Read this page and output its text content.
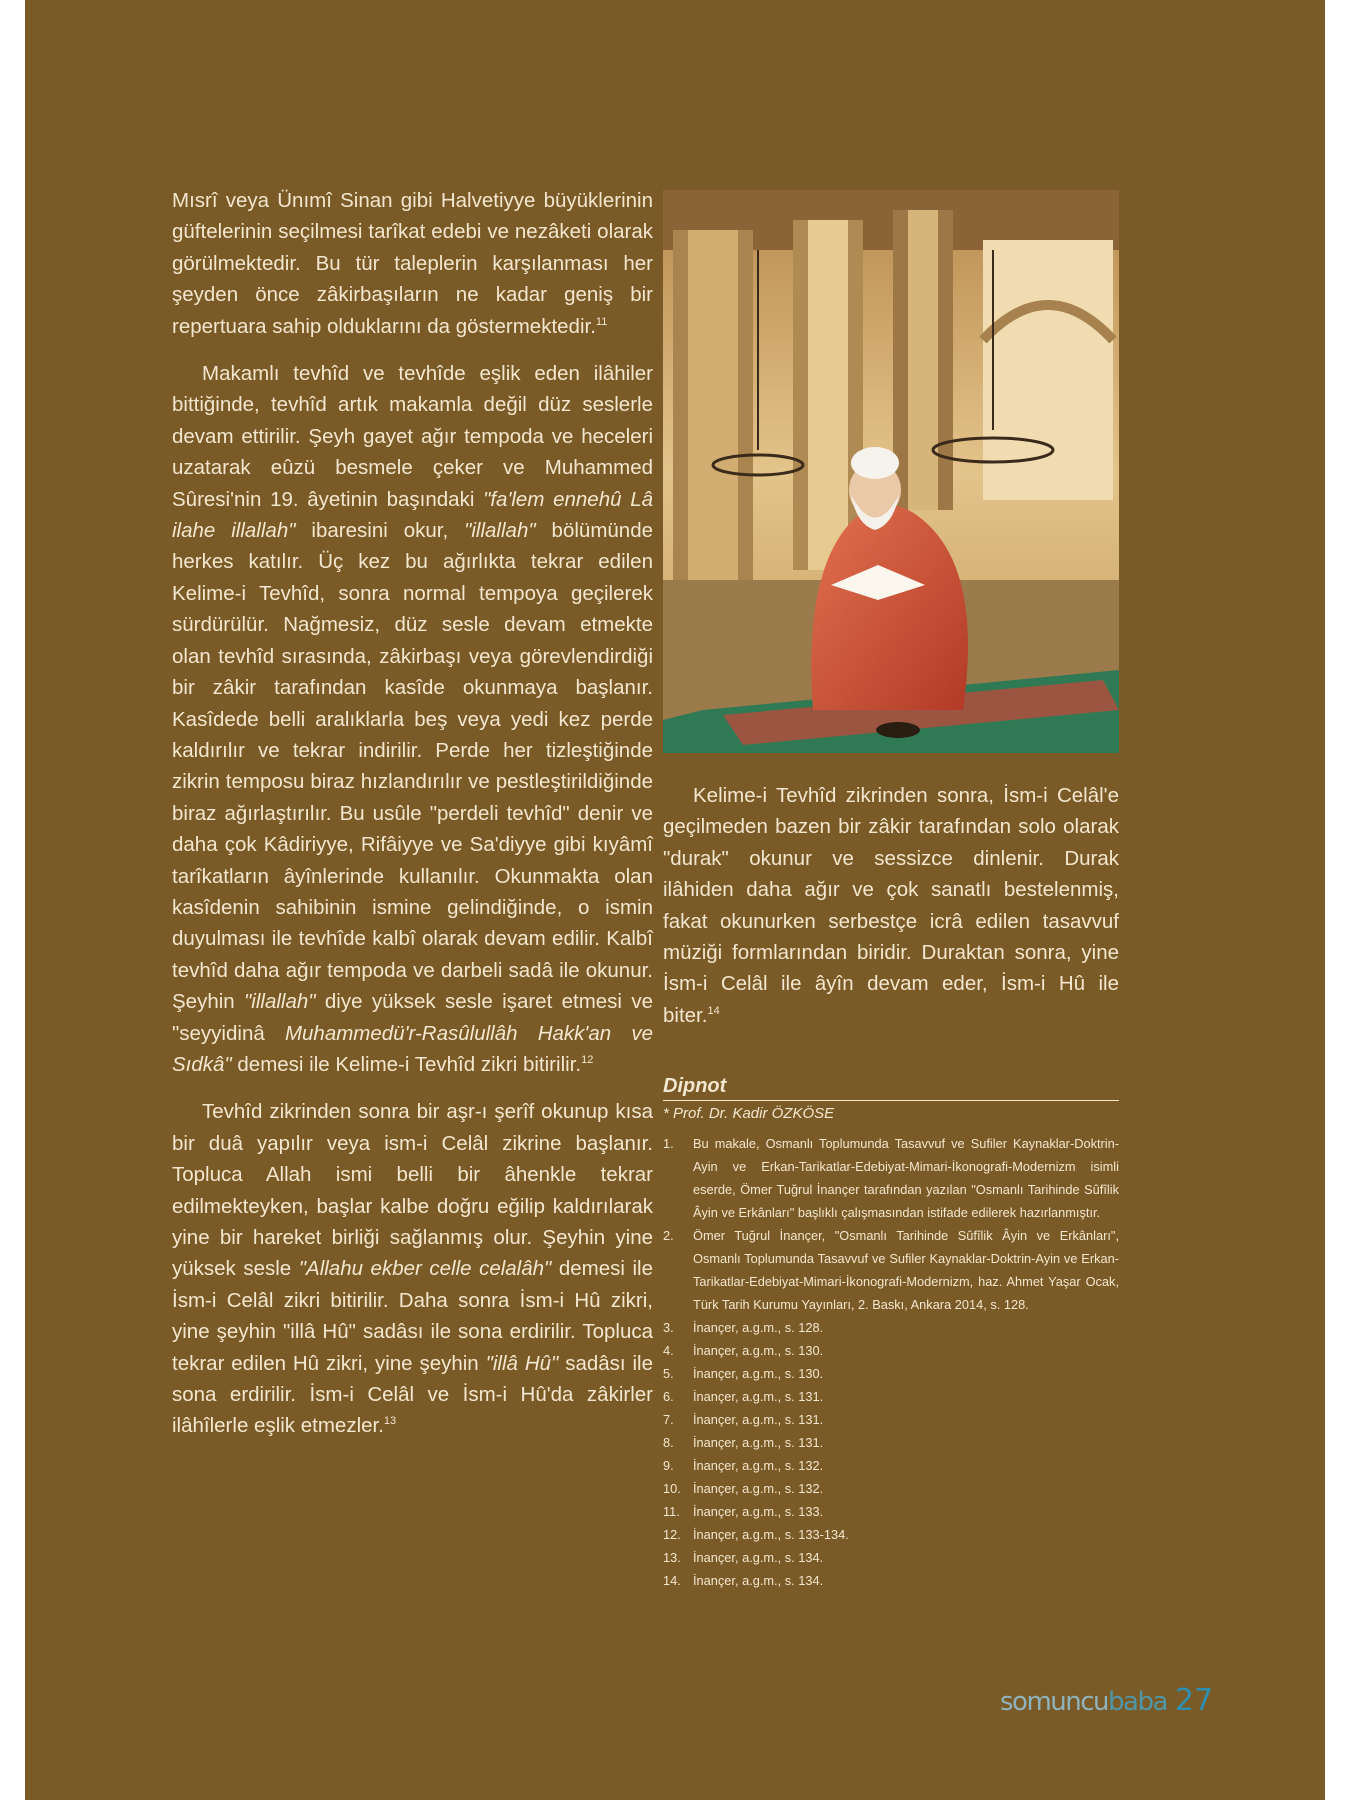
Mısrî veya Ünımî Sinan gibi Halvetiyye büyüklerinin güftelerinin seçilmesi tarîkat edebi ve nezâketi olarak görülmektedir. Bu tür taleplerin karşılanması her şeyden önce zâkirbaşıların ne kadar geniş bir repertuara sahip olduklarını da göstermektedir.$^{11}$

Makamlı tevhîd ve tevhîde eşlik eden ilâhiler bittiğinde, tevhîd artık makamla değil düz seslerle devam ettirilir. Şeyh gayet ağır tempoda ve heceleri uzatarak eûzü besmele çeker ve Muhammed Sûresi'nin 19. âyetinin başındaki "fa'lem ennehû Lâ ilahe illallah" ibaresini okur, "illallah" bölümünde herkes katılır. Üç kez bu ağırlıkta tekrar edilen Kelime-i Tevhîd, sonra normal tempoya geçilerek sürdürülür. Nağmesiz, düz sesle devam etmekte olan tevhîd sırasında, zâkirbaşı veya görevlendirdiği bir zâkir tarafından kasîde okunmaya başlanır. Kasîdede belli aralıklarla beş veya yedi kez perde kaldırılır ve tekrar indirilir. Perde her tizleştiğinde zikrin temposu biraz hızlandırılır ve pestleştirildiğinde biraz ağırlaştırılır. Bu usûle "perdeli tevhîd" denir ve daha çok Kâdiriyye, Rifâiyye ve Sa'diyye gibi kıyâmî tarîkatların âyînlerinde kullanılır. Okunmakta olan kasîdenin sahibinin ismine gelindiğinde, o ismin duyulması ile tevhîde kalbî olarak devam edilir. Kalbî tevhîd daha ağır tempoda ve darbeli sadâ ile okunur. Şeyhin "illallah" diye yüksek sesle işaret etmesi ve "seyyidinâ Muhammedü'r-Rasûlullâh Hakk'an ve Sıdkâ" demesi ile Kelime-i Tevhîd zikri bitirilir.$^{12}$

Tevhîd zikrinden sonra bir aşr-ı şerîf okunup kısa bir duâ yapılır veya ism-i Celâl zikrine başlanır. Topluca Allah ismi belli bir âhenkle tekrar edilmekteyken, başlar kalbe doğru eğilip kaldırılarak yine bir hareket birliği sağlanmış olur. Şeyhin yine yüksek sesle "Allahu ekber celle celalâh" demesi ile İsm-i Celâl zikri bitirilir. Daha sonra İsm-i Hû zikri, yine şeyhin "illâ Hû" sadâsı ile sona erdirilir. Topluca tekrar edilen Hû zikri, yine şeyhin "illâ Hû" sadâsı ile sona erdirilir. İsm-i Celâl ve İsm-i Hû'da zâkirler ilâhîlerle eşlik etmezler.$^{13}$

Kelime-i Tevhîd zikrinden sonra, İsm-i Celâl'e geçilmeden bazen bir zâkir tarafından solo olarak "durak" okunur ve sessizce dinlenir. Durak ilâhiden daha ağır ve çok sanatlı bestelenmiş, fakat okunurken serbestçe icrâ edilen tasavvuf müziği formlarından biridir. Duraktan sonra, yine İsm-i Celâl ile âyîn devam eder, İsm-i Hû ile biter.$^{14}$

Dipnot
* Prof. Dr. Kadir ÖZKÖSE
1. Bu makale, Osmanlı Toplumunda Tasavvuf ve Sufiler Kaynaklar-Doktrin-Ayin ve Erkan-Tarikatlar-Edebiyat-Mimari-İkonografi-Modernizm isimli eserde, Ömer Tuğrul İnançer tarafından yazılan "Osmanlı Tarihinde Sûfîlik Âyin ve Erkânları" başlıklı çalışmasından istifade edilerek hazırlanmıştır.
2. Ömer Tuğrul İnançer, "Osmanlı Tarihinde Sûfîlik Âyin ve Erkânları", Osmanlı Toplumunda Tasavvuf ve Sufiler Kaynaklar-Doktrin-Ayin ve Erkan-Tarikatlar-Edebiyat-Mimari-İkonografi-Modernizm, haz. Ahmet Yaşar Ocak, Türk Tarih Kurumu Yayınları, 2. Baskı, Ankara 2014, s. 128.
3. İnançer, a.g.m., s. 128.
4. İnançer, a.g.m., s. 130.
5. İnançer, a.g.m., s. 130.
6. İnançer, a.g.m., s. 131.
7. İnançer, a.g.m., s. 131.
8. İnançer, a.g.m., s. 131.
9. İnançer, a.g.m., s. 132.
10. İnançer, a.g.m., s. 132.
11. İnançer, a.g.m., s. 133.
12. İnançer, a.g.m., s. 133-134.
13. İnançer, a.g.m., s. 134.
14. İnançer, a.g.m., s. 134.
somuncubaba 27
